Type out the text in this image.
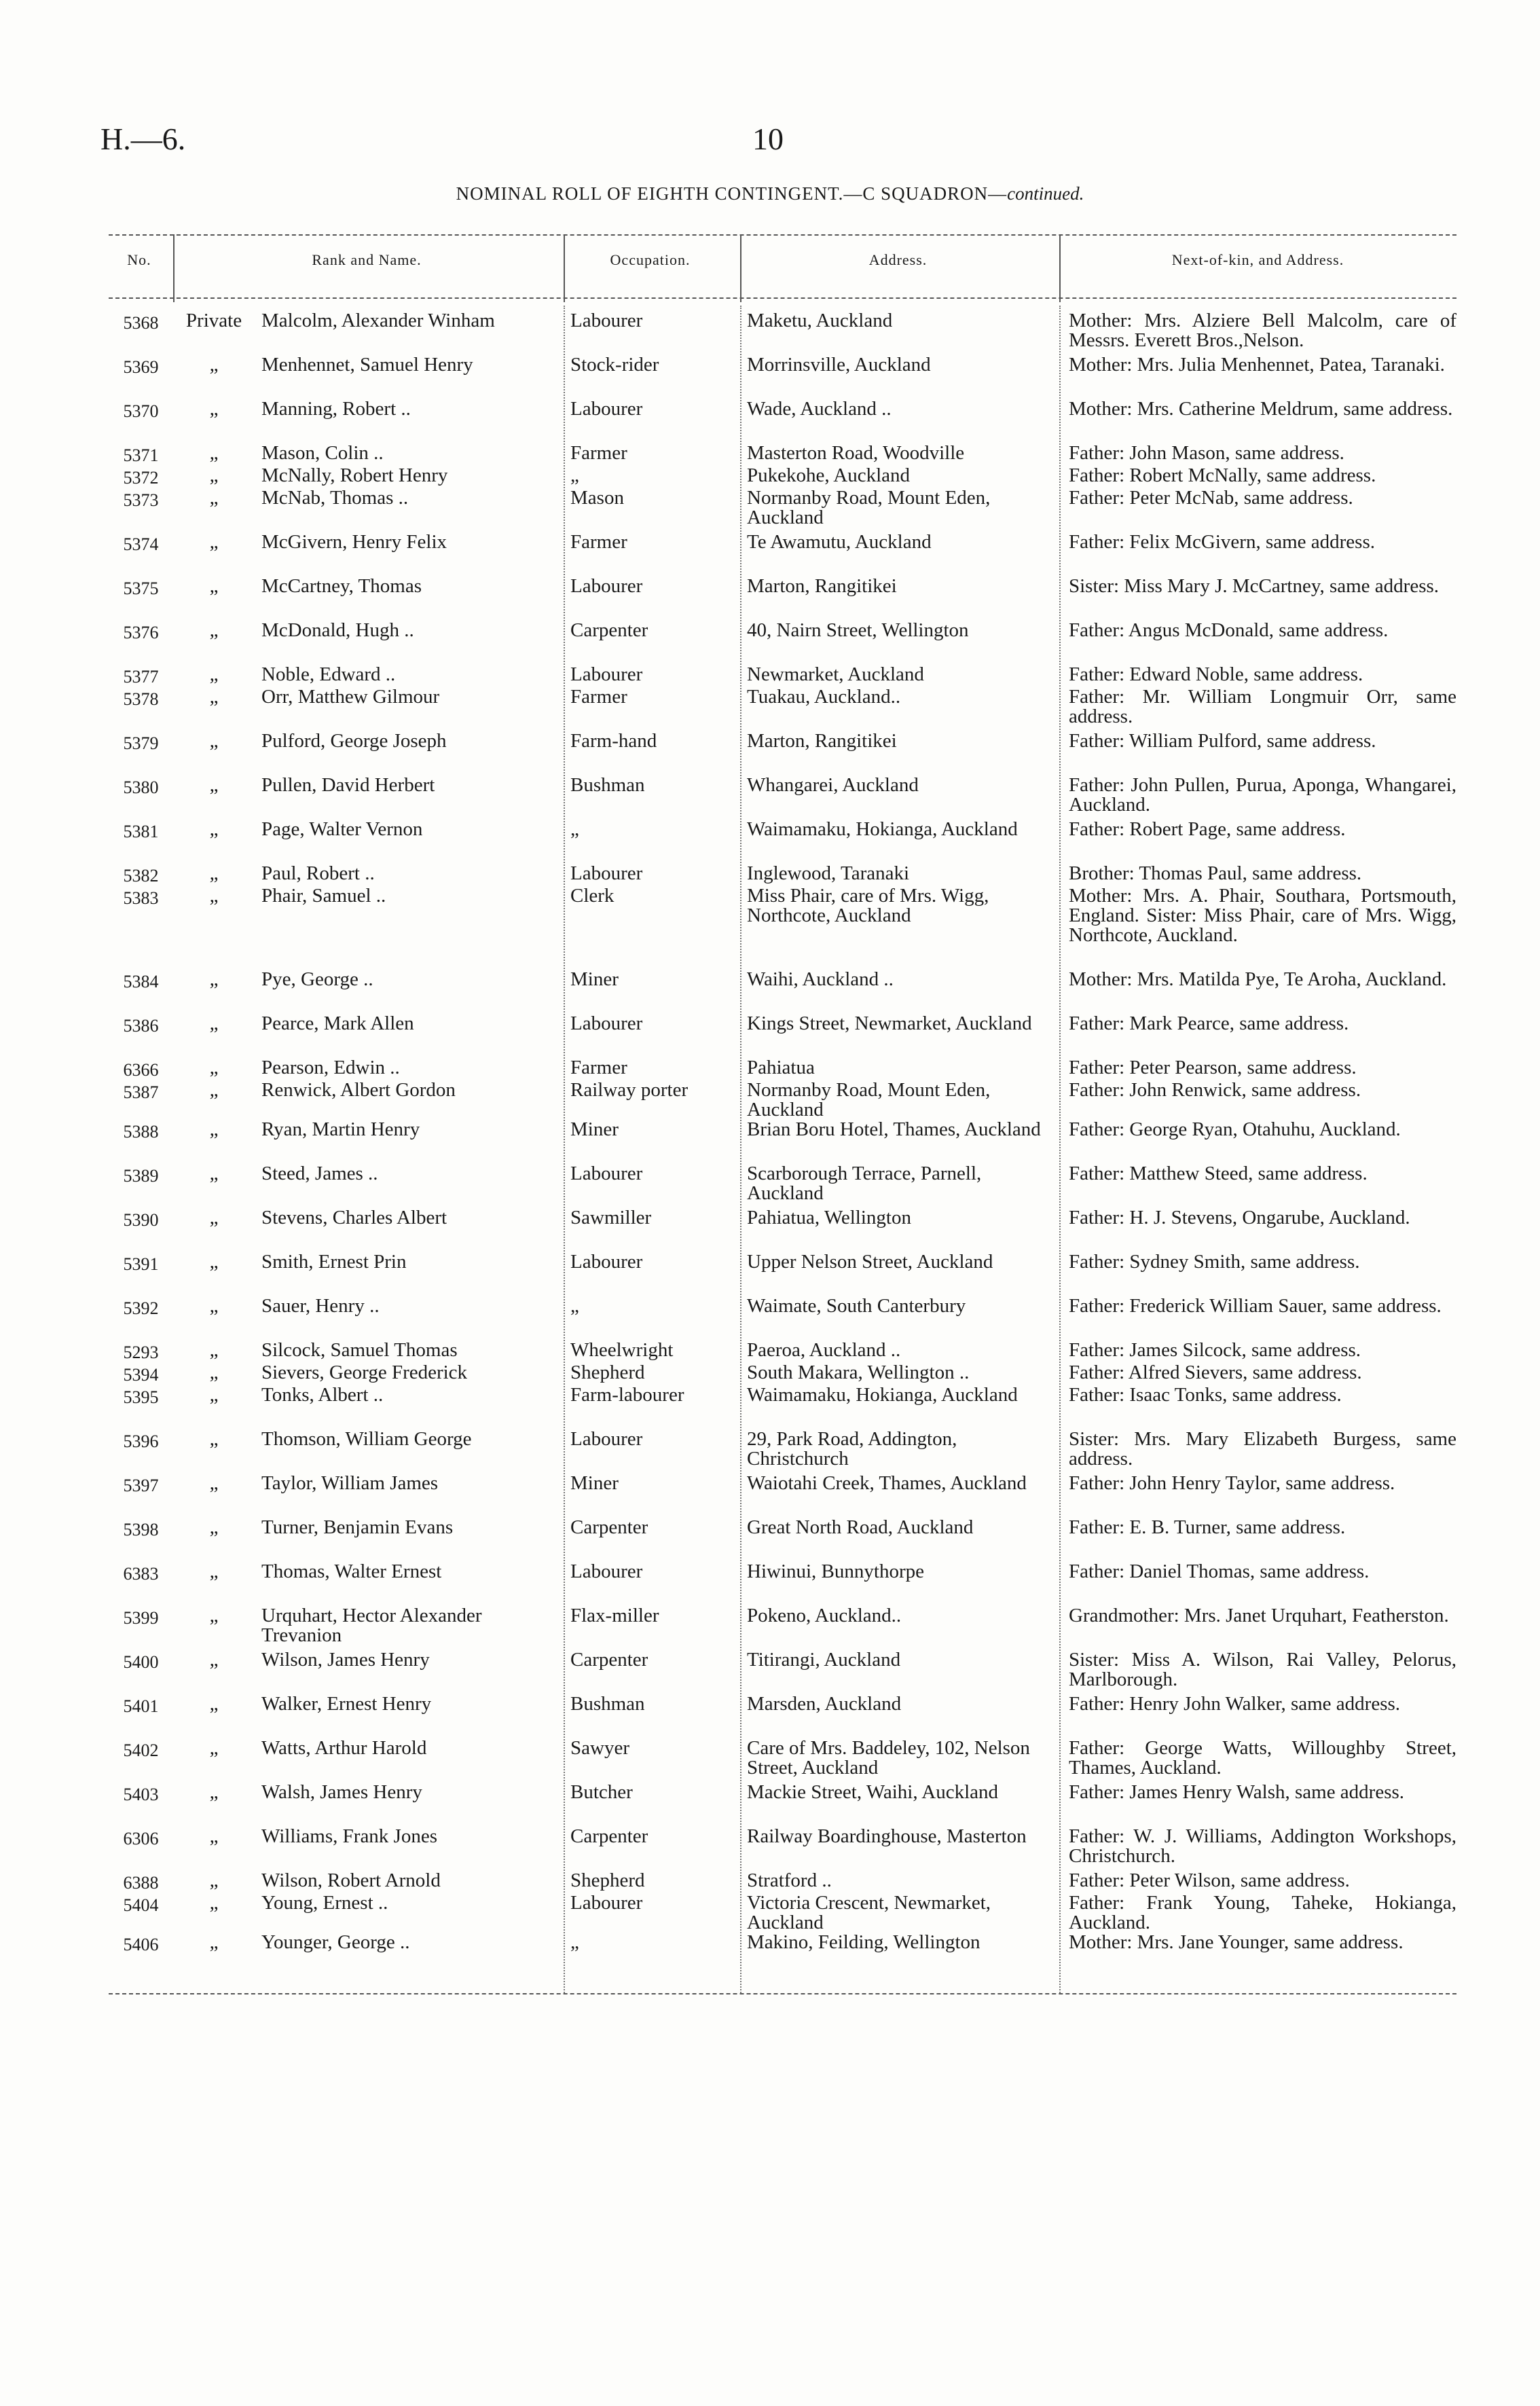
H.—6.	10
NOMINAL ROLL OF EIGHTH CONTINGENT.—C SQUADRON—continued.
No.	Rank and Name.	Occupation.	Address.	Next-of-kin, and Address.
5368	Private	Malcolm, Alexander Winham	Labourer	Maketu, Auckland	Mother: Mrs. Alziere Bell Malcolm, care of Messrs. Everett Bros.,Nelson.
5369	„	Menhennet, Samuel Henry	Stock-rider	Morrinsville, Auckland	Mother: Mrs. Julia Menhennet, Patea, Taranaki.
5370	„	Manning, Robert ..	Labourer	Wade, Auckland ..	Mother: Mrs. Catherine Meldrum, same address.
5371	„	Mason, Colin ..	Farmer	Masterton Road, Woodville	Father: John Mason, same address.
5372	„	McNally, Robert Henry	„	Pukekohe, Auckland	Father: Robert McNally, same address.
5373	„	McNab, Thomas ..	Mason	Normanby Road, Mount Eden, Auckland	Father: Peter McNab, same address.
5374	„	McGivern, Henry Felix	Farmer	Te Awamutu, Auckland	Father: Felix McGivern, same address.
5375	„	McCartney, Thomas	Labourer	Marton, Rangitikei	Sister: Miss Mary J. McCartney, same address.
5376	„	McDonald, Hugh ..	Carpenter	40, Nairn Street, Wellington	Father: Angus McDonald, same address.
5377	„	Noble, Edward ..	Labourer	Newmarket, Auckland	Father: Edward Noble, same address.
5378	„	Orr, Matthew Gilmour	Farmer	Tuakau, Auckland..	Father: Mr. William Longmuir Orr, same address.
5379	„	Pulford, George Joseph	Farm-hand	Marton, Rangitikei	Father: William Pulford, same address.
5380	„	Pullen, David Herbert	Bushman	Whangarei, Auckland	Father: John Pullen, Purua, Aponga, Whangarei, Auckland.
5381	„	Page, Walter Vernon	„	Waimamaku, Hokianga, Auckland	Father: Robert Page, same address.
5382	„	Paul, Robert ..	Labourer	Inglewood, Taranaki	Brother: Thomas Paul, same address.
5383	„	Phair, Samuel ..	Clerk	Miss Phair, care of Mrs. Wigg, Northcote, Auckland	Mother: Mrs. A. Phair, Southara, Portsmouth, England. Sister: Miss Phair, care of Mrs. Wigg, Northcote, Auckland.
5384	„	Pye, George ..	Miner	Waihi, Auckland ..	Mother: Mrs. Matilda Pye, Te Aroha, Auckland.
5386	„	Pearce, Mark Allen	Labourer	Kings Street, Newmarket, Auckland	Father: Mark Pearce, same address.
6366	„	Pearson, Edwin ..	Farmer	Pahiatua	Father: Peter Pearson, same address.
5387	„	Renwick, Albert Gordon	Railway porter	Normanby Road, Mount Eden, Auckland	Father: John Renwick, same address.
5388	„	Ryan, Martin Henry	Miner	Brian Boru Hotel, Thames, Auckland	Father: George Ryan, Otahuhu, Auckland.
5389	„	Steed, James ..	Labourer	Scarborough Terrace, Parnell, Auckland	Father: Matthew Steed, same address.
5390	„	Stevens, Charles Albert	Sawmiller	Pahiatua, Wellington	Father: H. J. Stevens, Ongarube, Auckland.
5391	„	Smith, Ernest Prin	Labourer	Upper Nelson Street, Auckland	Father: Sydney Smith, same address.
5392	„	Sauer, Henry ..	„	Waimate, South Canterbury	Father: Frederick William Sauer, same address.
5293	„	Silcock, Samuel Thomas	Wheelwright	Paeroa, Auckland ..	Father: James Silcock, same address.
5394	„	Sievers, George Frederick	Shepherd	South Makara, Wellington ..	Father: Alfred Sievers, same address.
5395	„	Tonks, Albert ..	Farm-labourer	Waimamaku, Hokianga, Auckland	Father: Isaac Tonks, same address.
5396	„	Thomson, William George	Labourer	29, Park Road, Addington, Christchurch	Sister: Mrs. Mary Elizabeth Burgess, same address.
5397	„	Taylor, William James	Miner	Waiotahi Creek, Thames, Auckland	Father: John Henry Taylor, same address.
5398	„	Turner, Benjamin Evans	Carpenter	Great North Road, Auckland	Father: E. B. Turner, same address.
6383	„	Thomas, Walter Ernest	Labourer	Hiwinui, Bunnythorpe	Father: Daniel Thomas, same address.
5399	„	Urquhart, Hector Alexander Trevanion	Flax-miller	Pokeno, Auckland..	Grandmother: Mrs. Janet Urquhart, Featherston.
5400	„	Wilson, James Henry	Carpenter	Titirangi, Auckland	Sister: Miss A. Wilson, Rai Valley, Pelorus, Marlborough.
5401	„	Walker, Ernest Henry	Bushman	Marsden, Auckland	Father: Henry John Walker, same address.
5402	„	Watts, Arthur Harold	Sawyer	Care of Mrs. Baddeley, 102, Nelson Street, Auckland	Father: George Watts, Willoughby Street, Thames, Auckland.
5403	„	Walsh, James Henry	Butcher	Mackie Street, Waihi, Auckland	Father: James Henry Walsh, same address.
6306	„	Williams, Frank Jones	Carpenter	Railway Boardinghouse, Masterton	Father: W. J. Williams, Addington Workshops, Christchurch.
6388	„	Wilson, Robert Arnold	Shepherd	Stratford ..	Father: Peter Wilson, same address.
5404	„	Young, Ernest ..	Labourer	Victoria Crescent, Newmarket, Auckland	Father: Frank Young, Taheke, Hokianga, Auckland.
5406	„	Younger, George ..	„	Makino, Feilding, Wellington	Mother: Mrs. Jane Younger, same address.
